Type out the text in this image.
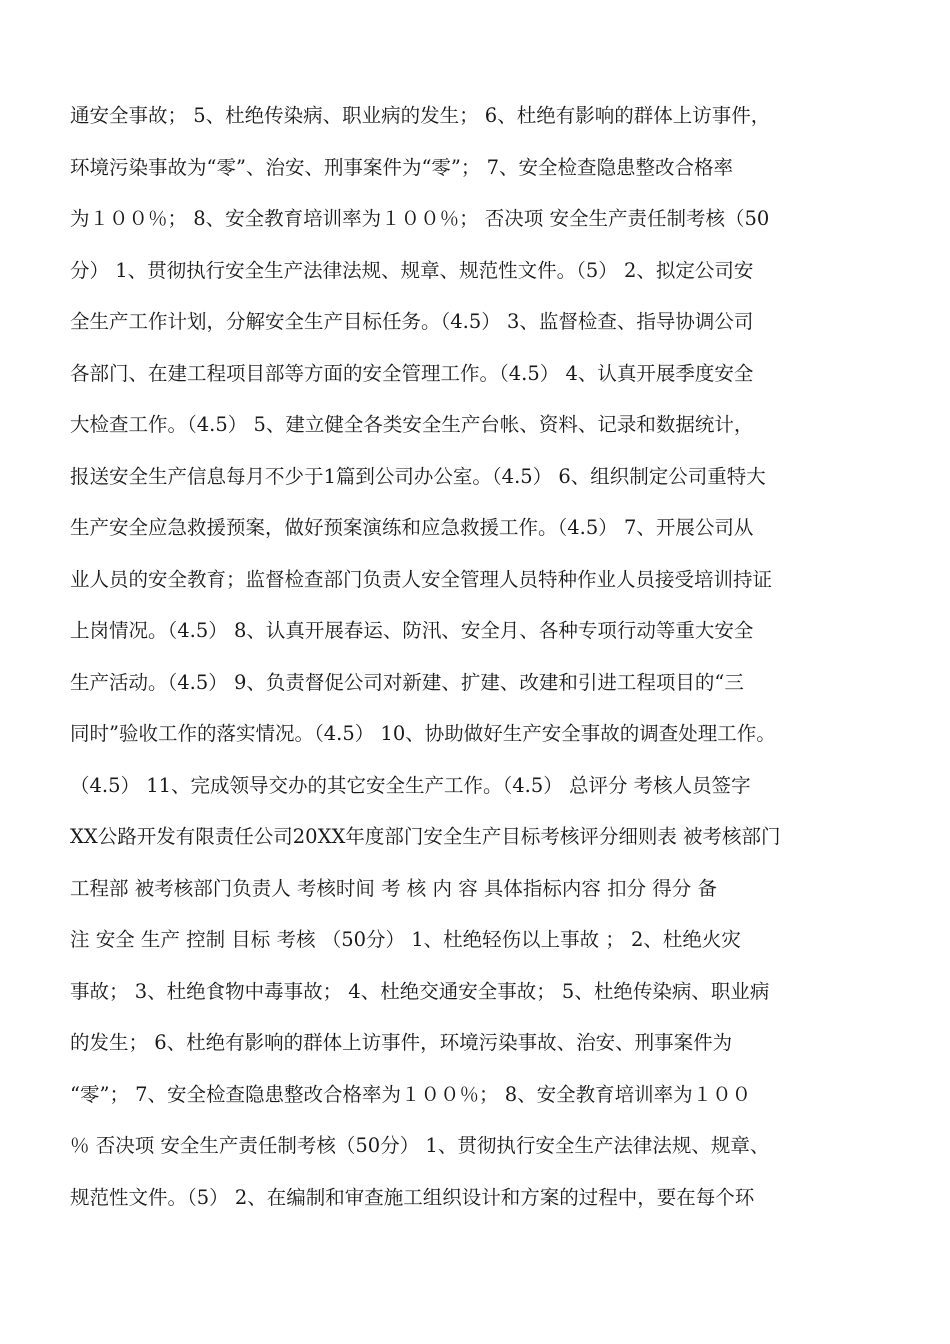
通安全事故； 5、杜绝传染病、职业病的发生； 6、杜绝有影响的群体上访事件，
环境污染事故为“零”、治安、刑事案件为“零”； 7、安全检查隐患整改合格率
为１００％； 8、安全教育培训率为１００％； 否决项 安全生产责任制考核（50
分） 1、贯彻执行安全生产法律法规、规章、规范性文件。（5） 2、拟定公司安
全生产工作计划，分解安全生产目标任务。（4.5） 3、监督检查、指导协调公司
各部门、在建工程项目部等方面的安全管理工作。（4.5） 4、认真开展季度安全
大检查工作。（4.5） 5、建立健全各类安全生产台帐、资料、记录和数据统计，
报送安全生产信息每月不少于1篇到公司办公室。（4.5） 6、组织制定公司重特大
生产安全应急救援预案，做好预案演练和应急救援工作。（4.5） 7、开展公司从
业人员的安全教育；监督检查部门负责人安全管理人员特种作业人员接受培训持证
上岗情况。（4.5） 8、认真开展春运、防汛、安全月、各种专项行动等重大安全
生产活动。（4.5） 9、负责督促公司对新建、扩建、改建和引进工程项目的“三
同时”验收工作的落实情况。（4.5） 10、协助做好生产安全事故的调查处理工作。
（4.5） 11、完成领导交办的其它安全生产工作。（4.5） 总评分 考核人员签字
XX公路开发有限责任公司20XX年度部门安全生产目标考核评分细则表 被考核部门
工程部 被考核部门负责人 考核时间 考 核 内 容 具体指标内容 扣分 得分 备
注 安全 生产 控制 目标 考核 （50分） 1、杜绝轻伤以上事故 ； 2、杜绝火灾
事故； 3、杜绝食物中毒事故； 4、杜绝交通安全事故； 5、杜绝传染病、职业病
的发生； 6、杜绝有影响的群体上访事件，环境污染事故、治安、刑事案件为
“零”； 7、安全检查隐患整改合格率为１００％； 8、安全教育培训率为１００
％ 否决项 安全生产责任制考核（50分） 1、贯彻执行安全生产法律法规、规章、
规范性文件。（5） 2、在编制和审查施工组织设计和方案的过程中，要在每个环
